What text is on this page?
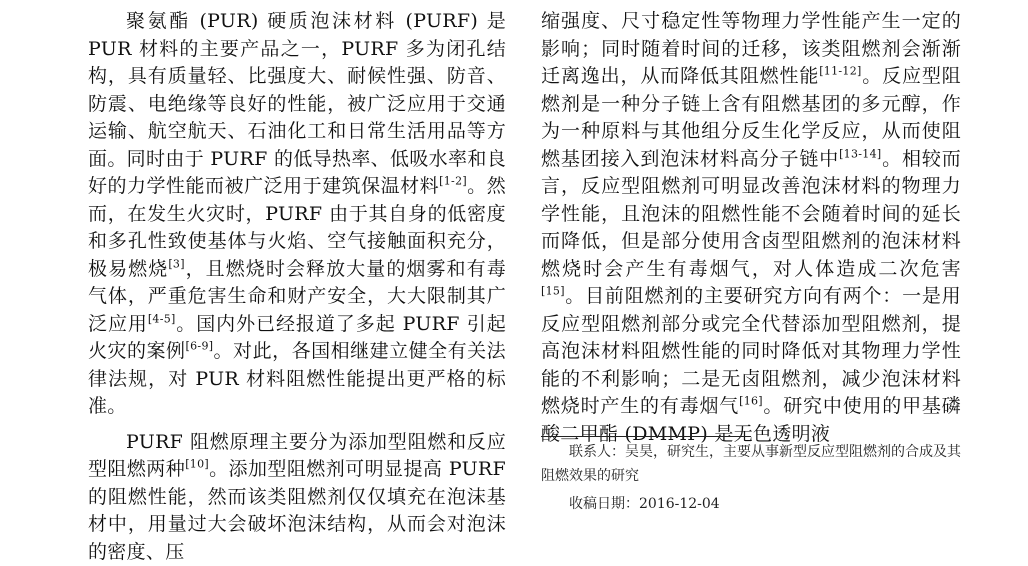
聚氨酯 (PUR) 硬质泡沫材料 (PURF) 是 PUR 材料的主要产品之一，PURF 多为闭孔结构，具有质量轻、比强度大、耐候性强、防音、防震、电绝缘等良好的性能，被广泛应用于交通运输、航空航天、石油化工和日常生活用品等方面。同时由于 PURF 的低导热率、低吸水率和良好的力学性能而被广泛用于建筑保温材料[1-2]。然而，在发生火灾时，PURF 由于其自身的低密度和多孔性致使基体与火焰、空气接触面积充分，极易燃烧[3]，且燃烧时会释放大量的烟雾和有毒气体，严重危害生命和财产安全，大大限制其广泛应用[4-5]。国内外已经报道了多起 PURF 引起火灾的案例[6-9]。对此，各国相继建立健全有关法律法规，对 PUR 材料阻燃性能提出更严格的标准。

PURF 阻燃原理主要分为添加型阻燃和反应型阻燃两种[10]。添加型阻燃剂可明显提高 PURF 的阻燃性能，然而该类阻燃剂仅仅填充在泡沫基材中，用量过大会破坏泡沫结构，从而会对泡沫的密度、压

缩强度、尺寸稳定性等物理力学性能产生一定的影响；同时随着时间的迁移，该类阻燃剂会渐渐迁离逸出，从而降低其阻燃性能[11-12]。反应型阻燃剂是一种分子链上含有阻燃基团的多元醇，作为一种原料与其他组分反生化学反应，从而使阻燃基团接入到泡沫材料高分子链中[13-14]。相较而言，反应型阻燃剂可明显改善泡沫材料的物理力学性能，且泡沫的阻燃性能不会随着时间的延长而降低，但是部分使用含卤型阻燃剂的泡沫材料燃烧时会产生有毒烟气，对人体造成二次危害[15]。目前阻燃剂的主要研究方向有两个：一是用反应型阻燃剂部分或完全代替添加型阻燃剂，提高泡沫材料阻燃性能的同时降低对其物理力学性能的不利影响；二是无卤阻燃剂，减少泡沫材料燃烧时产生的有毒烟气[16]。研究中使用的甲基磷酸二甲酯 (DMMP) 是无色透明液

联系人：吴昊，研究生，主要从事新型反应型阻燃剂的合成及其阻燃效果的研究

收稿日期：2016-12-04
